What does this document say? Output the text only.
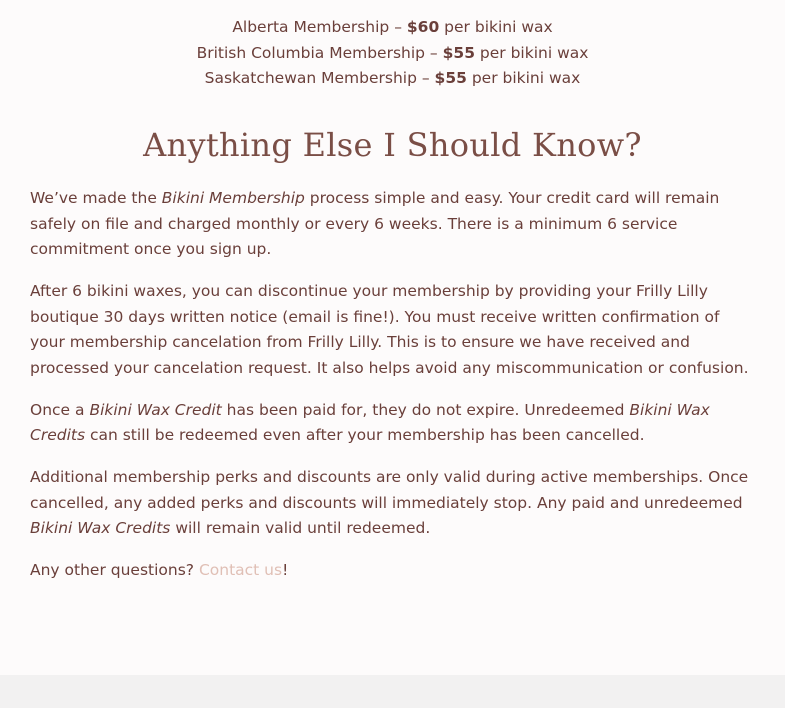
Alberta Membership – $60 per bikini wax
British Columbia Membership – $55 per bikini wax
Saskatchewan Membership – $55 per bikini wax
Anything Else I Should Know?

We’ve made the Bikini Membership process simple and easy. Your credit card will remain safely on file and charged monthly or every 6 weeks. There is a minimum 6 service commitment once you sign up.

After 6 bikini waxes, you can discontinue your membership by providing your Frilly Lilly boutique 30 days written notice (email is fine!). You must receive written confirmation of your membership cancelation from Frilly Lilly. This is to ensure we have received and processed your cancelation request. It also helps avoid any miscommunication or confusion.

Once a Bikini Wax Credit has been paid for, they do not expire. Unredeemed Bikini Wax Credits can still be redeemed even after your membership has been cancelled.

Additional membership perks and discounts are only valid during active memberships. Once cancelled, any added perks and discounts will immediately stop. Any paid and unredeemed Bikini Wax Credits will remain valid until redeemed.

Any other questions? Contact us!
